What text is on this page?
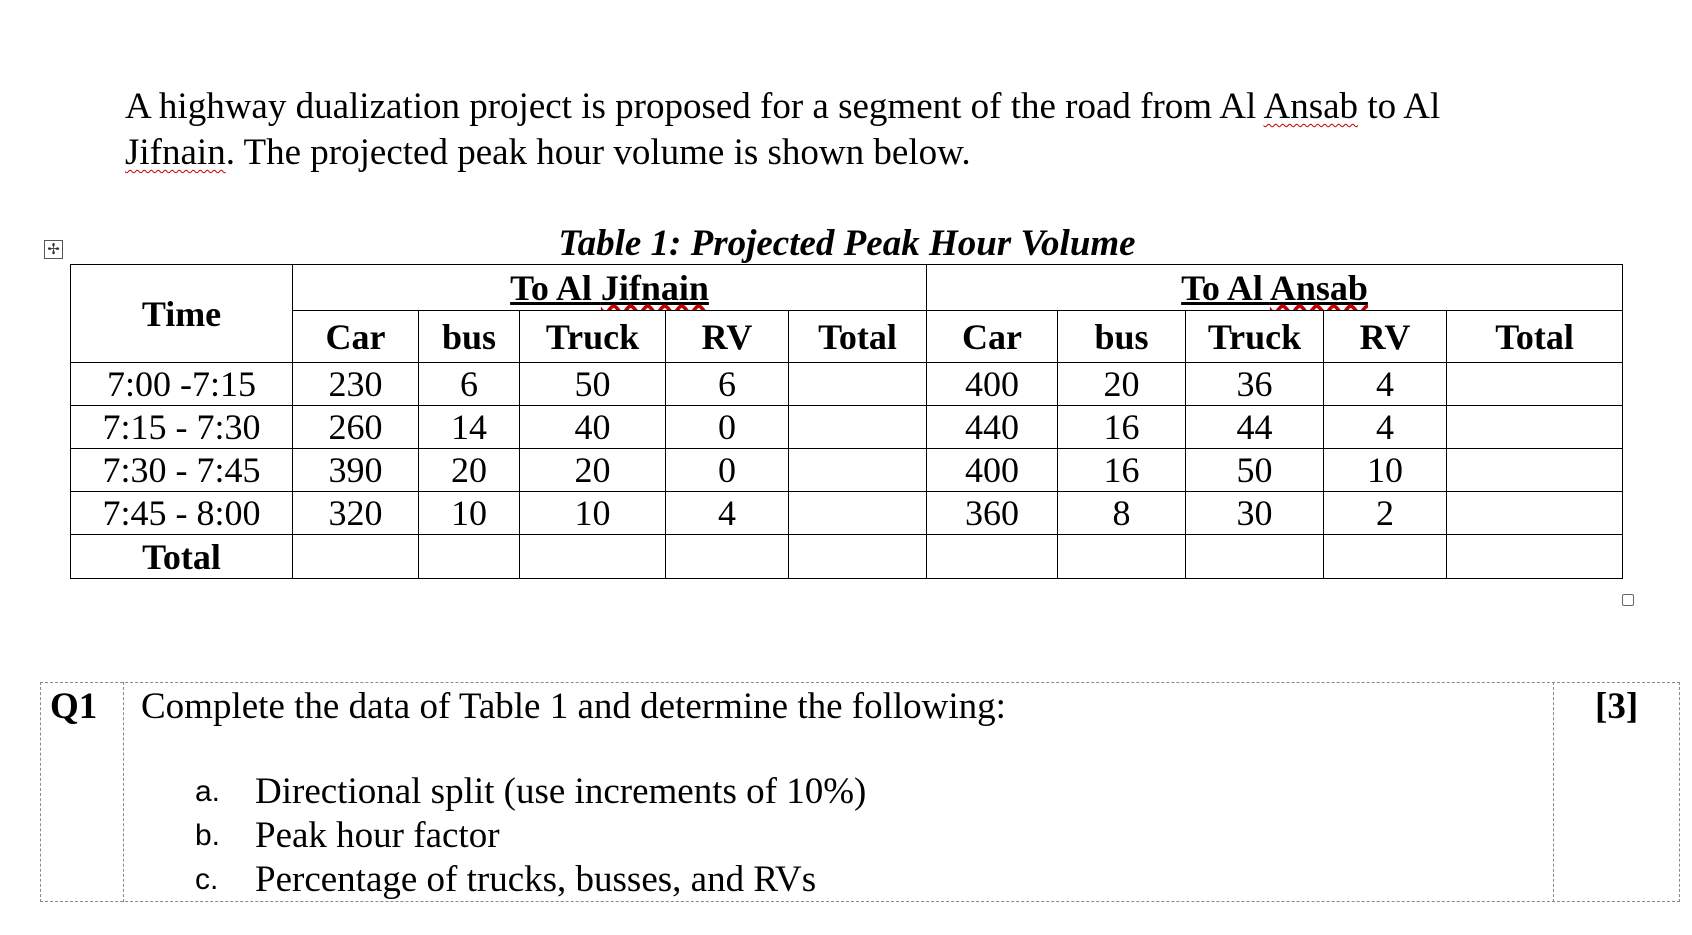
A highway dualization project is proposed for a segment of the road from Al Ansab to Al Jifnain. The projected peak hour volume is shown below.
✢	Table 1: Projected Peak Hour Volume
Time	To Al Jifnain					To Al Ansab				
	Car	bus	Truck	RV	Total	Car	bus	Truck	RV	Total
7:00 -7:15	230	6	50	6		400	20	36	4	
7:15 - 7:30	260	14	40	0		440	16	44	4	
7:30 - 7:45	390	20	20	0		400	16	50	10	
7:45 - 8:00	320	10	10	4		360	8	30	2	
Total										
Q1 Complete the data of Table 1 and determine the following:	[3]
a. Directional split (use increments of 10%)
b. Peak hour factor
c. Percentage of trucks, busses, and RVs
